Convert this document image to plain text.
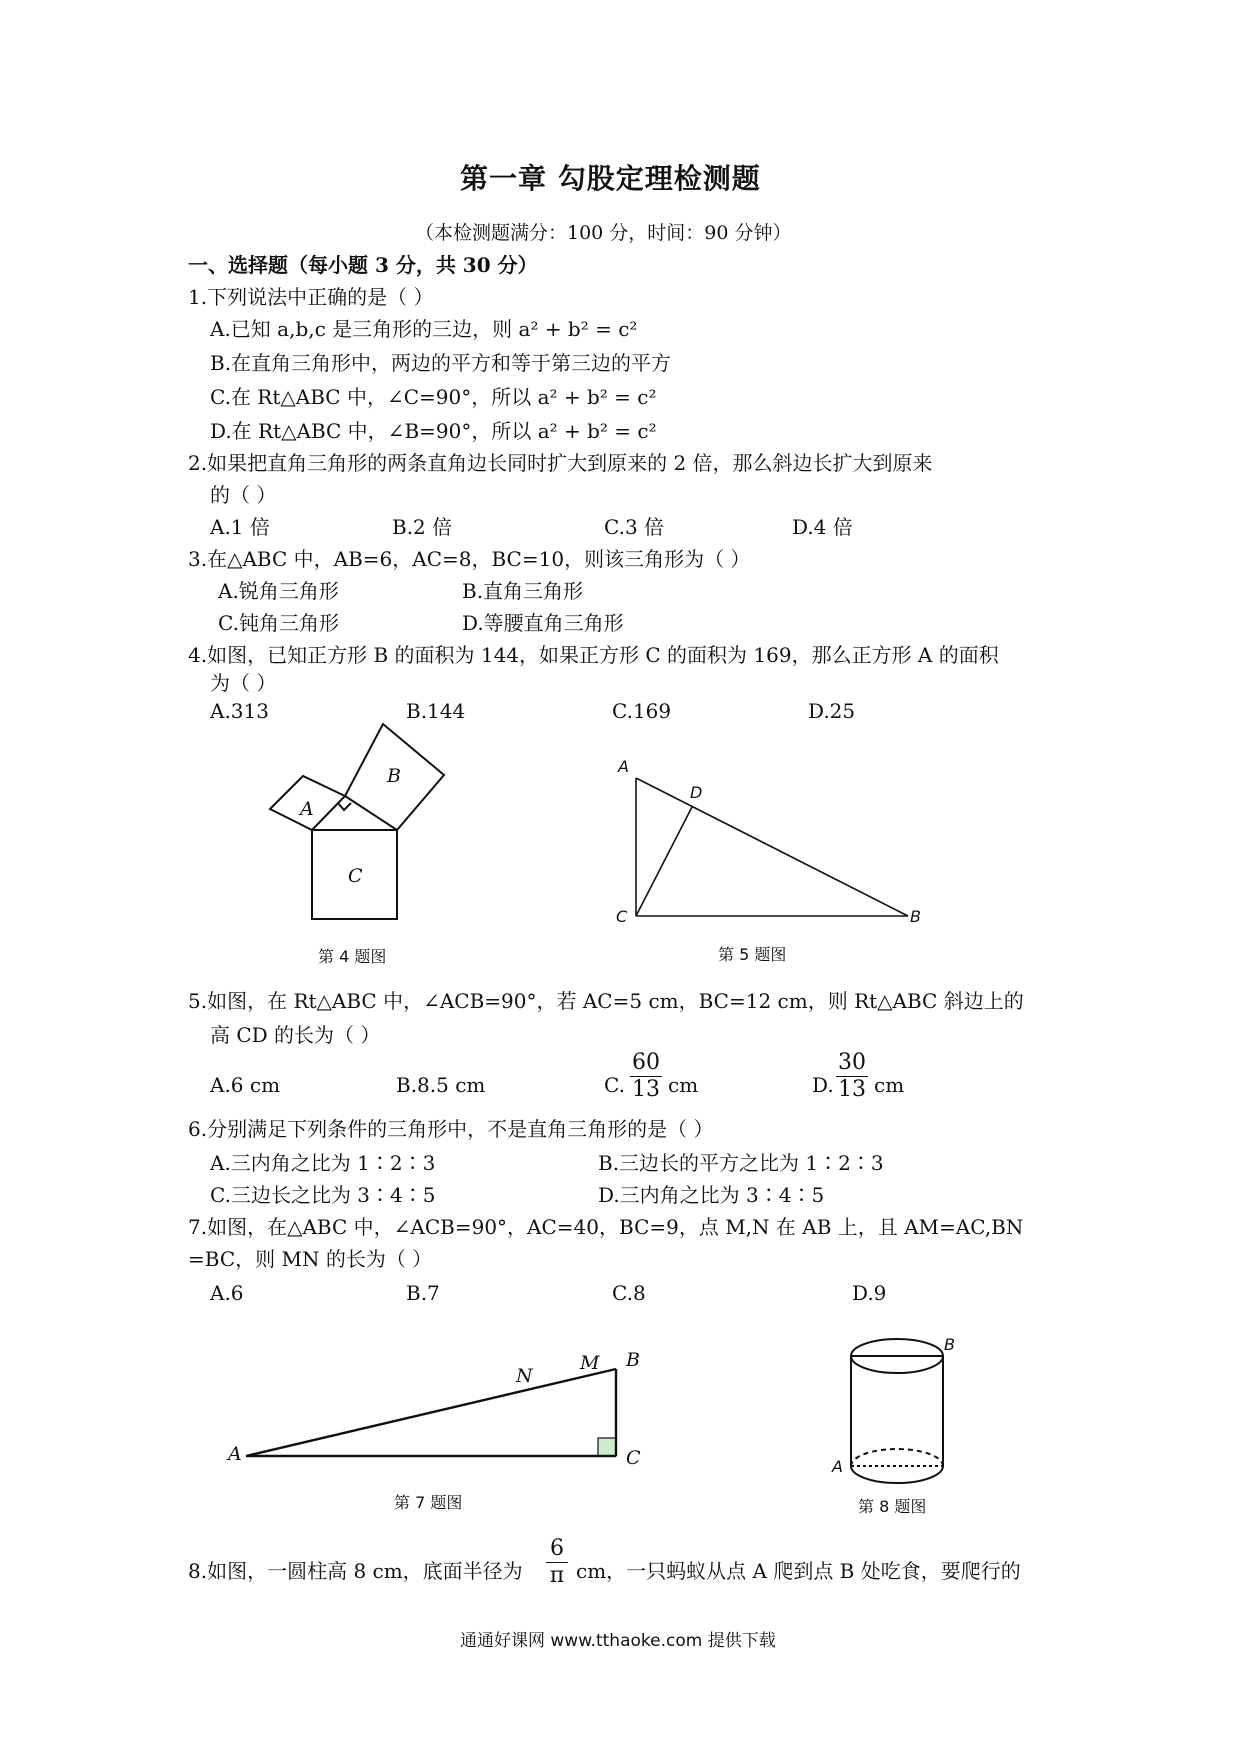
第一章 勾股定理检测题
（本检测题满分：100 分，时间：90 分钟）
一、选择题（每小题 3 分，共 30 分）
1.下列说法中正确的是（ ）
A.已知 a,b,c 是三角形的三边，则 a² + b² = c²
B.在直角三角形中，两边的平方和等于第三边的平方
C.在 Rt△ABC 中，∠C=90°，所以 a² + b² = c²
D.在 Rt△ABC 中，∠B=90°，所以 a² + b² = c²
2.如果把直角三角形的两条直角边长同时扩大到原来的 2 倍，那么斜边长扩大到原来
的（ ）
A.1 倍	B.2 倍	C.3 倍	D.4 倍
3.在△ABC 中，AB=6，AC=8，BC=10，则该三角形为（ ）
A.锐角三角形	B.直角三角形
C.钝角三角形	D.等腰直角三角形
4.如图，已知正方形 B 的面积为 144，如果正方形 C 的面积为 169，那么正方形 A 的面积
为（ ）
A.313	B.144	C.169	D.25
A
B
C
第 4 题图
A
D
C	B
第 5 题图
5.如图，在 Rt△ABC 中，∠ACB=90°，若 AC=5 cm，BC=12 cm，则 Rt△ABC 斜边上的
高 CD 的长为（ ）
A.6 cm	B.8.5 cm	C. $\frac{60}{13}$ cm	D. $\frac{30}{13}$ cm
6.分别满足下列条件的三角形中，不是直角三角形的是（ ）
A.三内角之比为 1∶2∶3	B.三边长的平方之比为 1∶2∶3
C.三边长之比为 3∶4∶5	D.三内角之比为 3∶4∶5
7.如图，在△ABC 中，∠ACB=90°，AC=40，BC=9，点 M,N 在 AB 上，且 AM=AC,BN
=BC，则 MN 的长为（ ）
A.6	B.7	C.8	D.9
A
N
M B
C
第 7 题图
B
A
第 8 题图
8.如图，一圆柱高 8 cm，底面半径为 $\frac{6}{\pi}$ cm，一只蚂蚁从点 A 爬到点 B 处吃食，要爬行的
通通好课网 www.tthaoke.com 提供下载
